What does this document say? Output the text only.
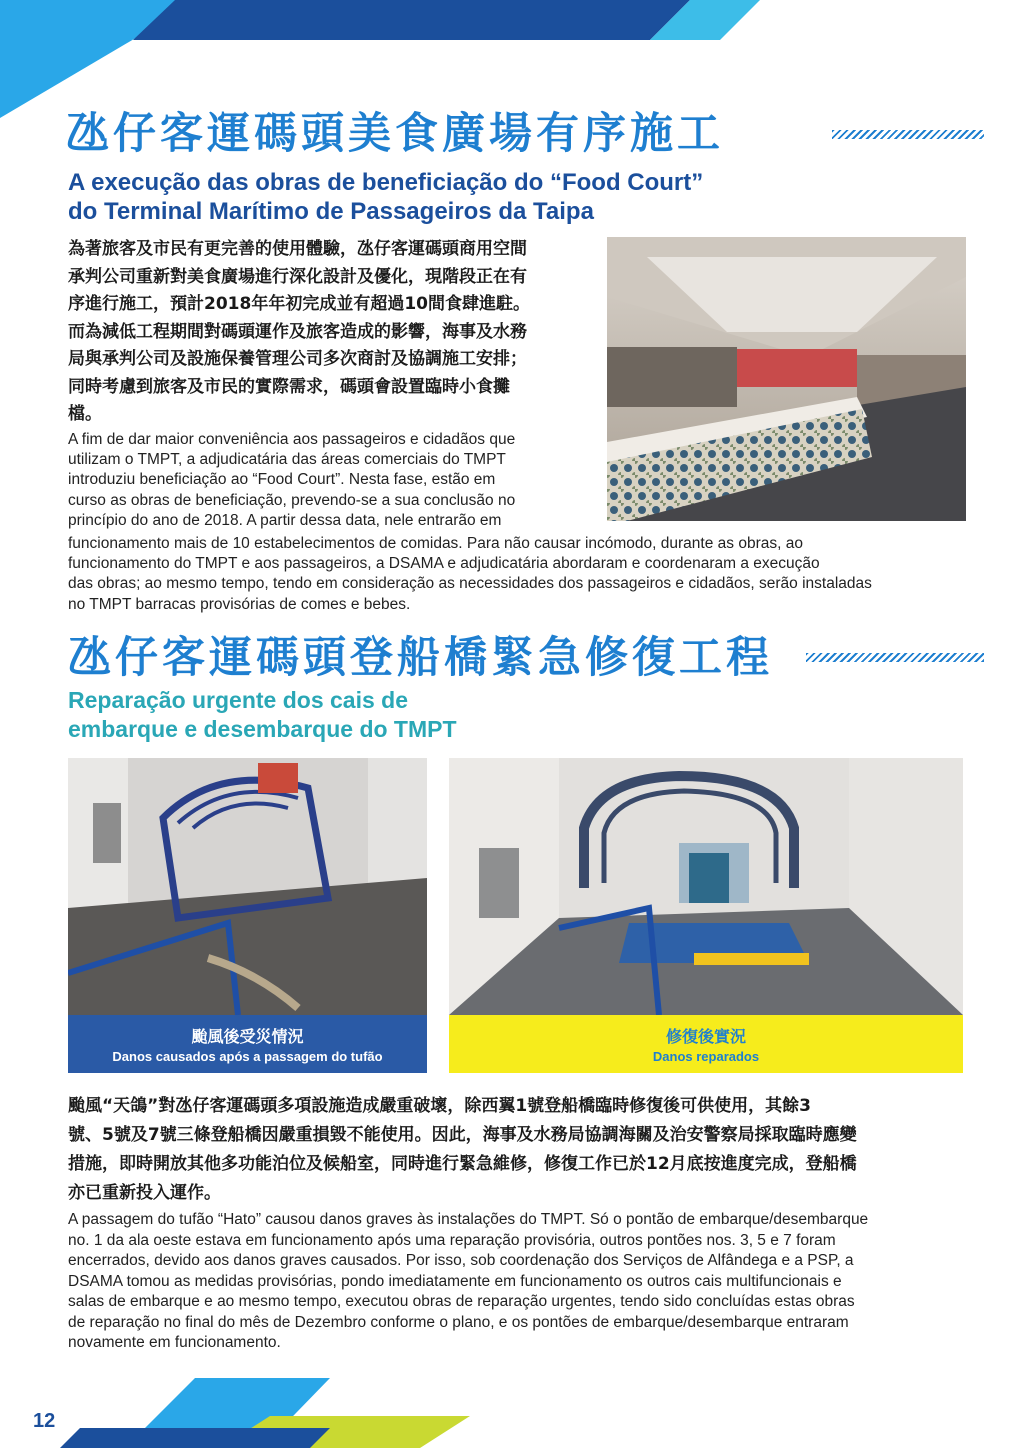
氹仔客運碼頭美食廣場有序施工
A execução das obras de beneficiação do “Food Court”
do Terminal Marítimo de Passageiros da Taipa

為著旅客及市民有更完善的使用體驗，氹仔客運碼頭商用空間

承判公司重新對美食廣場進行深化設計及優化，現階段正在有

序進行施工，預計2018年年初完成並有超過10間食肆進駐。

而為減低工程期間對碼頭運作及旅客造成的影響，海事及水務

局與承判公司及設施保養管理公司多次商討及協調施工安排；

同時考慮到旅客及市民的實際需求，碼頭會設置臨時小食攤

檔。

A fim de dar maior conveniência aos passageiros e cidadãos que

utilizam o TMPT, a adjudicatária das áreas comerciais do TMPT

introduziu beneficiação ao “Food Court”. Nesta fase, estão em

curso as obras de beneficiação, prevendo-se a sua conclusão no

princípio do ano de 2018. A partir dessa data, nele entrarão em

funcionamento mais de 10 estabelecimentos de comidas. Para não causar incómodo, durante as obras, ao

funcionamento do TMPT e aos passageiros, a DSAMA e adjudicatária abordaram e coordenaram a execução

das obras; ao mesmo tempo, tendo em consideração as necessidades dos passageiros e cidadãos, serão instaladas

no TMPT barracas provisórias de comes e bebes.

氹仔客運碼頭登船橋緊急修復工程
Reparação urgente dos cais de
embarque e desembarque do TMPT
颱風後受災情況
Danos causados após a passagem do tufão
修復後實況
Danos reparados

颱風“天鴿”對氹仔客運碼頭多項設施造成嚴重破壞，除西翼1號登船橋臨時修復後可供使用，其餘3

號、5號及7號三條登船橋因嚴重損毀不能使用。因此，海事及水務局協調海關及治安警察局採取臨時應變

措施，即時開放其他多功能泊位及候船室，同時進行緊急維修，修復工作已於12月底按進度完成，登船橋

亦已重新投入運作。

A passagem do tufão “Hato” causou danos graves às instalações do TMPT. Só o pontão de embarque/desembarque

no. 1 da ala oeste estava em funcionamento após uma reparação provisória, outros pontões nos. 3, 5 e 7 foram

encerrados, devido aos danos graves causados. Por isso, sob coordenação dos Serviços de Alfândega e a PSP, a

DSAMA tomou as medidas provisórias, pondo imediatamente em funcionamento os outros cais multifuncionais e

salas de embarque e ao mesmo tempo, executou obras de reparação urgentes, tendo sido concluídas estas obras

de reparação no final do mês de Dezembro conforme o plano, e os pontões de embarque/desembarque entraram

novamente em funcionamento.

12
